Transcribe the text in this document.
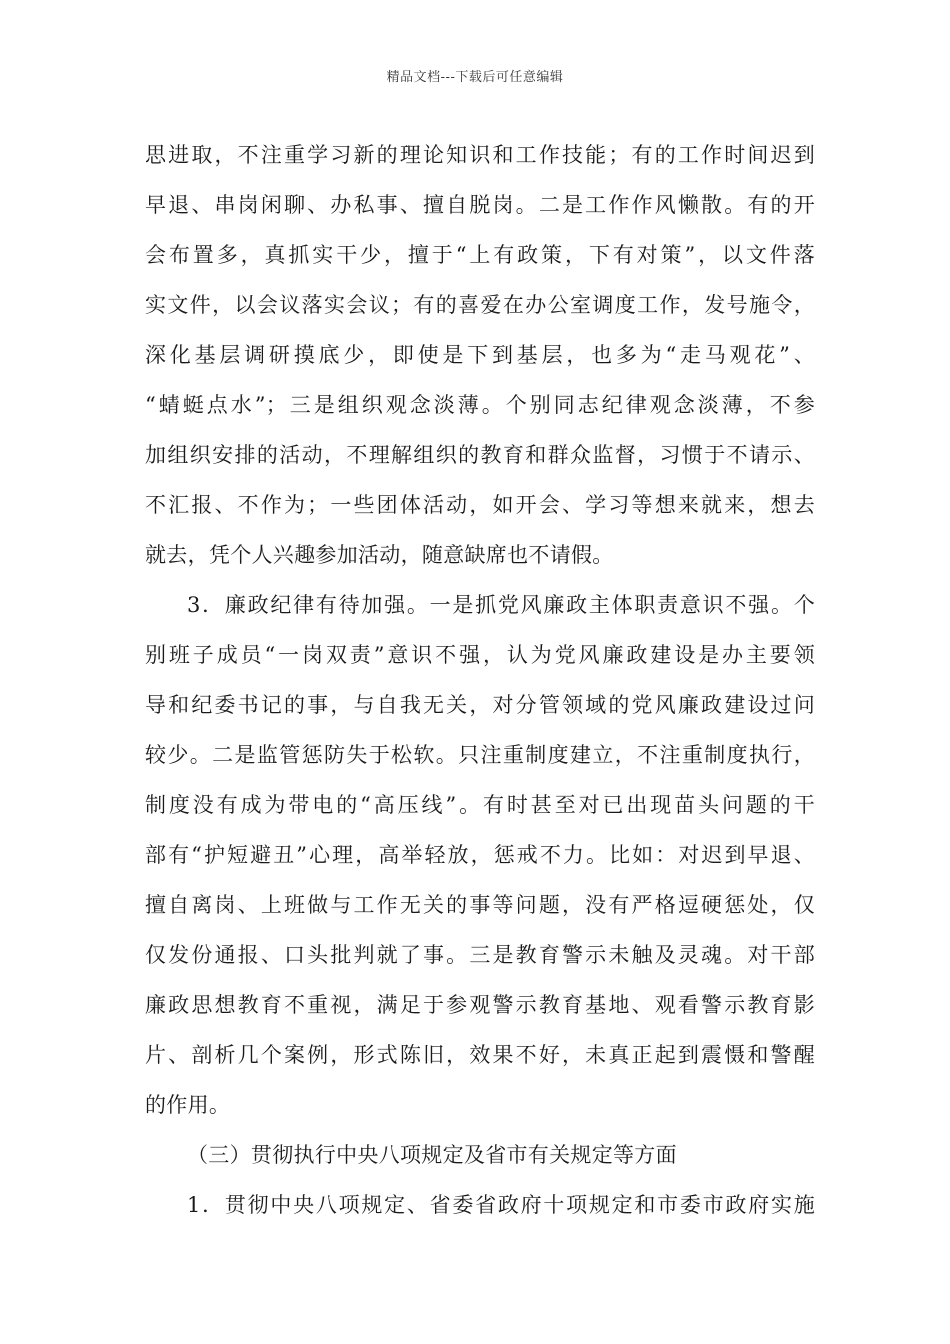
精品文档---下载后可任意编辑
思进取，不注重学习新的理论知识和工作技能；有的工作时间迟到
早退、串岗闲聊、办私事、擅自脱岗。二是工作作风懒散。有的开
会布置多，真抓实干少，擅于“上有政策，下有对策”，以文件落
实文件，以会议落实会议；有的喜爱在办公室调度工作，发号施令，
深化基层调研摸底少，即使是下到基层，也多为“走马观花”、
“蜻蜓点水”；三是组织观念淡薄。个别同志纪律观念淡薄，不参
加组织安排的活动，不理解组织的教育和群众监督，习惯于不请示、
不汇报、不作为；一些团体活动，如开会、学习等想来就来，想去
就去，凭个人兴趣参加活动，随意缺席也不请假。
3．廉政纪律有待加强。一是抓党风廉政主体职责意识不强。个
别班子成员“一岗双责”意识不强，认为党风廉政建设是办主要领
导和纪委书记的事，与自我无关，对分管领域的党风廉政建设过问
较少。二是监管惩防失于松软。只注重制度建立，不注重制度执行，
制度没有成为带电的“高压线”。有时甚至对已出现苗头问题的干
部有“护短避丑”心理，高举轻放，惩戒不力。比如：对迟到早退、
擅自离岗、上班做与工作无关的事等问题，没有严格逗硬惩处，仅
仅发份通报、口头批判就了事。三是教育警示未触及灵魂。对干部
廉政思想教育不重视，满足于参观警示教育基地、观看警示教育影
片、剖析几个案例，形式陈旧，效果不好，未真正起到震慑和警醒
的作用。
（三）贯彻执行中央八项规定及省市有关规定等方面
1．贯彻中央八项规定、省委省政府十项规定和市委市政府实施
